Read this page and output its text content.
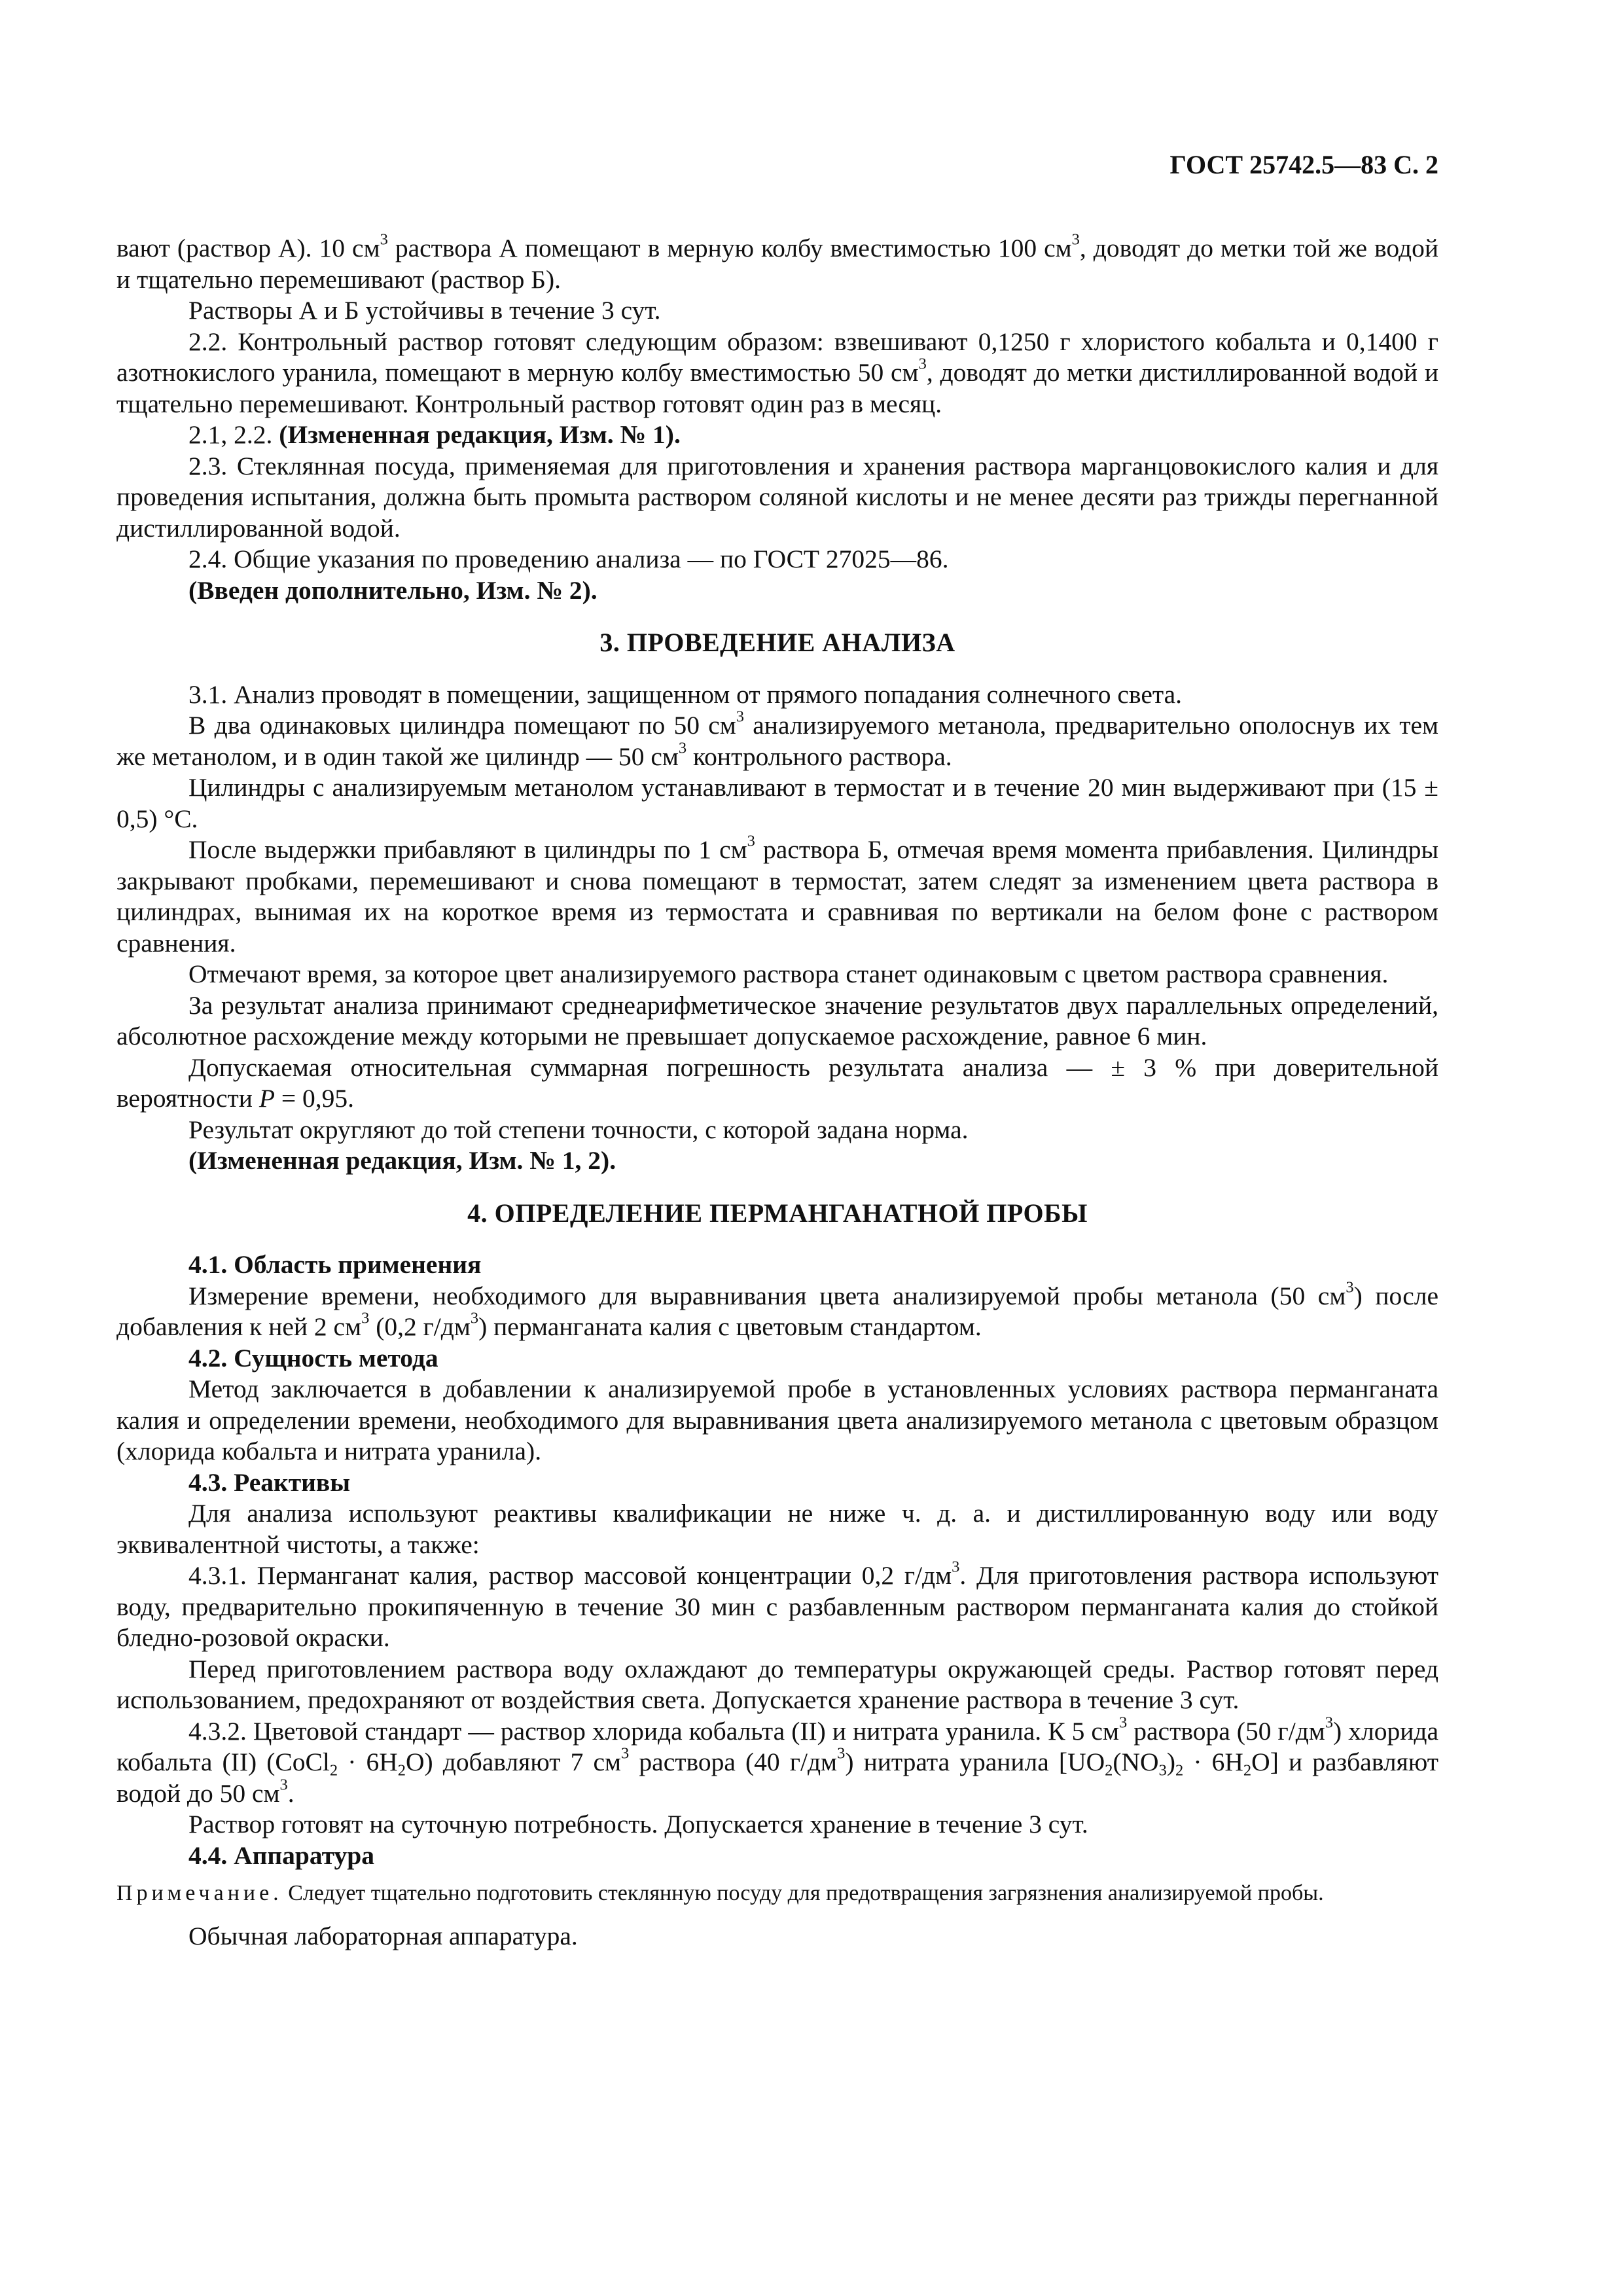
ГОСТ 25742.5—83 С. 2

вают (раствор А). 10 $см^3$ раствора А помещают в мерную колбу вместимостью 100 $см^3$, доводят до метки той же водой и тщательно перемешивают (раствор Б).

Растворы А и Б устойчивы в течение 3 сут.

2.2. Контрольный раствор готовят следующим образом: взвешивают 0,1250 г хлористого кобальта и 0,1400 г азотнокислого уранила, помещают в мерную колбу вместимостью 50 $см^3$, доводят до метки дистиллированной водой и тщательно перемешивают. Контрольный раствор готовят один раз в месяц.

2.1, 2.2. (Измененная редакция, Изм. № 1).

2.3. Стеклянная посуда, применяемая для приготовления и хранения раствора марганцовокислого калия и для проведения испытания, должна быть промыта раствором соляной кислоты и не менее десяти раз трижды перегнанной дистиллированной водой.

2.4. Общие указания по проведению анализа — по ГОСТ 27025—86.

(Введен дополнительно, Изм. № 2).

3. ПРОВЕДЕНИЕ АНАЛИЗА

3.1. Анализ проводят в помещении, защищенном от прямого попадания солнечного света.

В два одинаковых цилиндра помещают по 50 $см^3$ анализируемого метанола, предварительно ополоснув их тем же метанолом, и в один такой же цилиндр — 50 $см^3$ контрольного раствора.

Цилиндры с анализируемым метанолом устанавливают в термостат и в течение 20 мин выдерживают при (15 ± 0,5) °С.

После выдержки прибавляют в цилиндры по 1 $см^3$ раствора Б, отмечая время момента прибавления. Цилиндры закрывают пробками, перемешивают и снова помещают в термостат, затем следят за изменением цвета раствора в цилиндрах, вынимая их на короткое время из термостата и сравнивая по вертикали на белом фоне с раствором сравнения.

Отмечают время, за которое цвет анализируемого раствора станет одинаковым с цветом раствора сравнения.

За результат анализа принимают среднеарифметическое значение результатов двух параллельных определений, абсолютное расхождение между которыми не превышает допускаемое расхождение, равное 6 мин.

Допускаемая относительная суммарная погрешность результата анализа — ± 3 % при доверительной вероятности P = 0,95.

Результат округляют до той степени точности, с которой задана норма.

(Измененная редакция, Изм. № 1, 2).

4. ОПРЕДЕЛЕНИЕ ПЕРМАНГАНАТНОЙ ПРОБЫ

4.1. Область применения

Измерение времени, необходимого для выравнивания цвета анализируемой пробы метанола (50 $см^3$) после добавления к ней 2 $см^3$ (0,2 $г/дм^3$) перманганата калия с цветовым стандартом.

4.2. Сущность метода

Метод заключается в добавлении к анализируемой пробе в установленных условиях раствора перманганата калия и определении времени, необходимого для выравнивания цвета анализируемого метанола с цветовым образцом (хлорида кобальта и нитрата уранила).

4.3. Реактивы

Для анализа используют реактивы квалификации не ниже ч. д. а. и дистиллированную воду или воду эквивалентной чистоты, а также:

4.3.1. Перманганат калия, раствор массовой концентрации 0,2 $г/дм^3$. Для приготовления раствора используют воду, предварительно прокипяченную в течение 30 мин с разбавленным раствором перманганата калия до стойкой бледно-розовой окраски.

Перед приготовлением раствора воду охлаждают до температуры окружающей среды. Раствор готовят перед использованием, предохраняют от воздействия света. Допускается хранение раствора в течение 3 сут.

4.3.2. Цветовой стандарт — раствор хлорида кобальта (II) и нитрата уранила. К 5 $см^3$ раствора (50 $г/дм^3$) хлорида кобальта (II) (CoCl$_2$ · $6H_2O$) добавляют 7 $см^3$ раствора (40 $г/дм^3$) нитрата уранила $[UO_2(NO_3)_2 \cdot 6H_2O]$ и разбавляют водой до 50 $см^3$.

Раствор готовят на суточную потребность. Допускается хранение в течение 3 сут.

4.4. Аппаратура

Примечание. Следует тщательно подготовить стеклянную посуду для предотвращения загрязнения анализируемой пробы.

Обычная лабораторная аппаратура.
